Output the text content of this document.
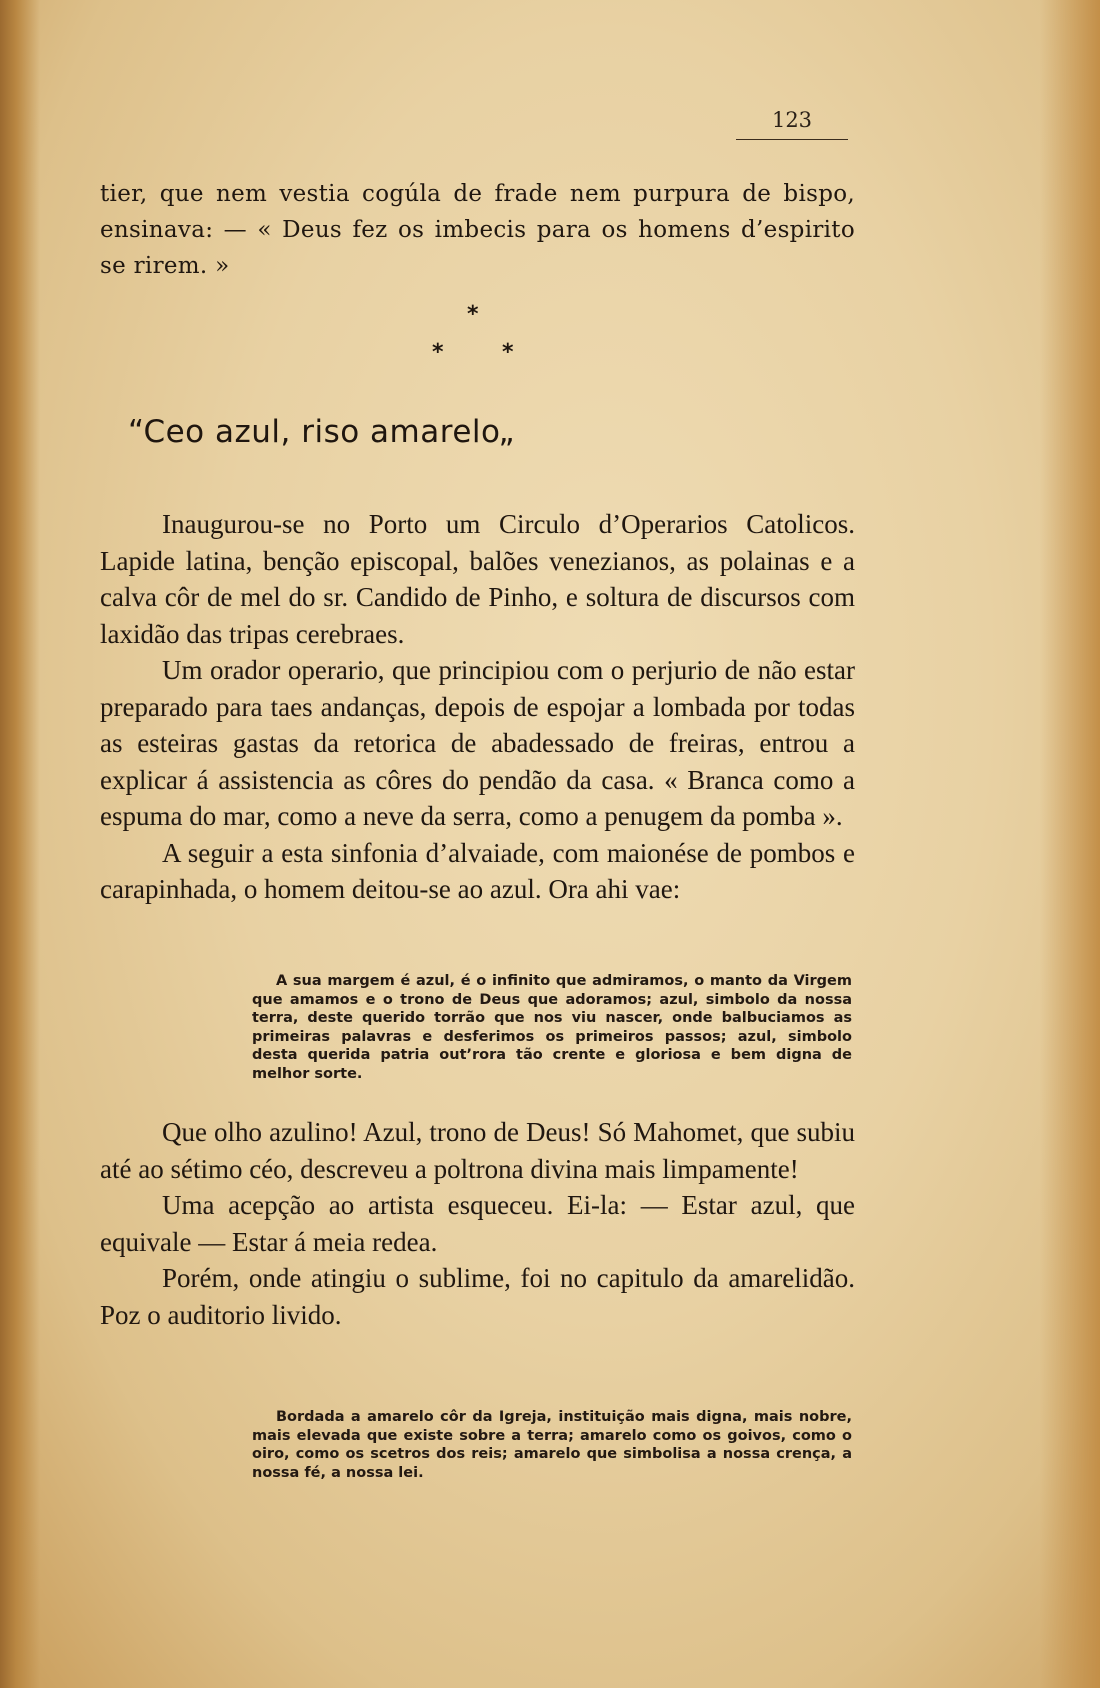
123

tier, que nem vestia cogúla de frade nem purpura de bispo, ensinava: — « Deus fez os imbecis para os homens d’espirito se rirem. »

*
*	*
“Ceo azul, riso amarelo„

Inaugurou-se no Porto um Circulo d’Operarios Catolicos. Lapide latina, benção episcopal, balões venezianos, as polainas e a calva côr de mel do sr. Candido de Pinho, e soltura de discursos com laxidão das tripas cerebraes.

Um orador operario, que principiou com o perjurio de não estar preparado para taes andanças, depois de espojar a lombada por todas as esteiras gastas da retorica de abadessado de freiras, entrou a explicar á assistencia as côres do pendão da casa. « Branca como a espuma do mar, como a neve da serra, como a penugem da pomba ».

A seguir a esta sinfonia d’alvaiade, com maionése de pombos e carapinhada, o homem deitou-se ao azul. Ora ahi vae:

A sua margem é azul, é o infinito que admiramos, o manto da Virgem que amamos e o trono de Deus que adoramos; azul, simbolo da nossa terra, deste querido torrão que nos viu nascer, onde balbuciamos as primeiras palavras e desferimos os primeiros passos; azul, simbolo desta querida patria out’rora tão crente e gloriosa e bem digna de melhor sorte.

Que olho azulino! Azul, trono de Deus! Só Mahomet, que subiu até ao sétimo céo, descreveu a poltrona divina mais limpamente!

Uma acepção ao artista esqueceu. Ei-la: — Estar azul, que equivale — Estar á meia redea.

Porém, onde atingiu o sublime, foi no capitulo da amarelidão. Poz o auditorio livido.

Bordada a amarelo côr da Igreja, instituição mais digna, mais nobre, mais elevada que existe sobre a terra; amarelo como os goivos, como o oiro, como os scetros dos reis; amarelo que simbolisa a nossa crença, a nossa fé, a nossa lei.
